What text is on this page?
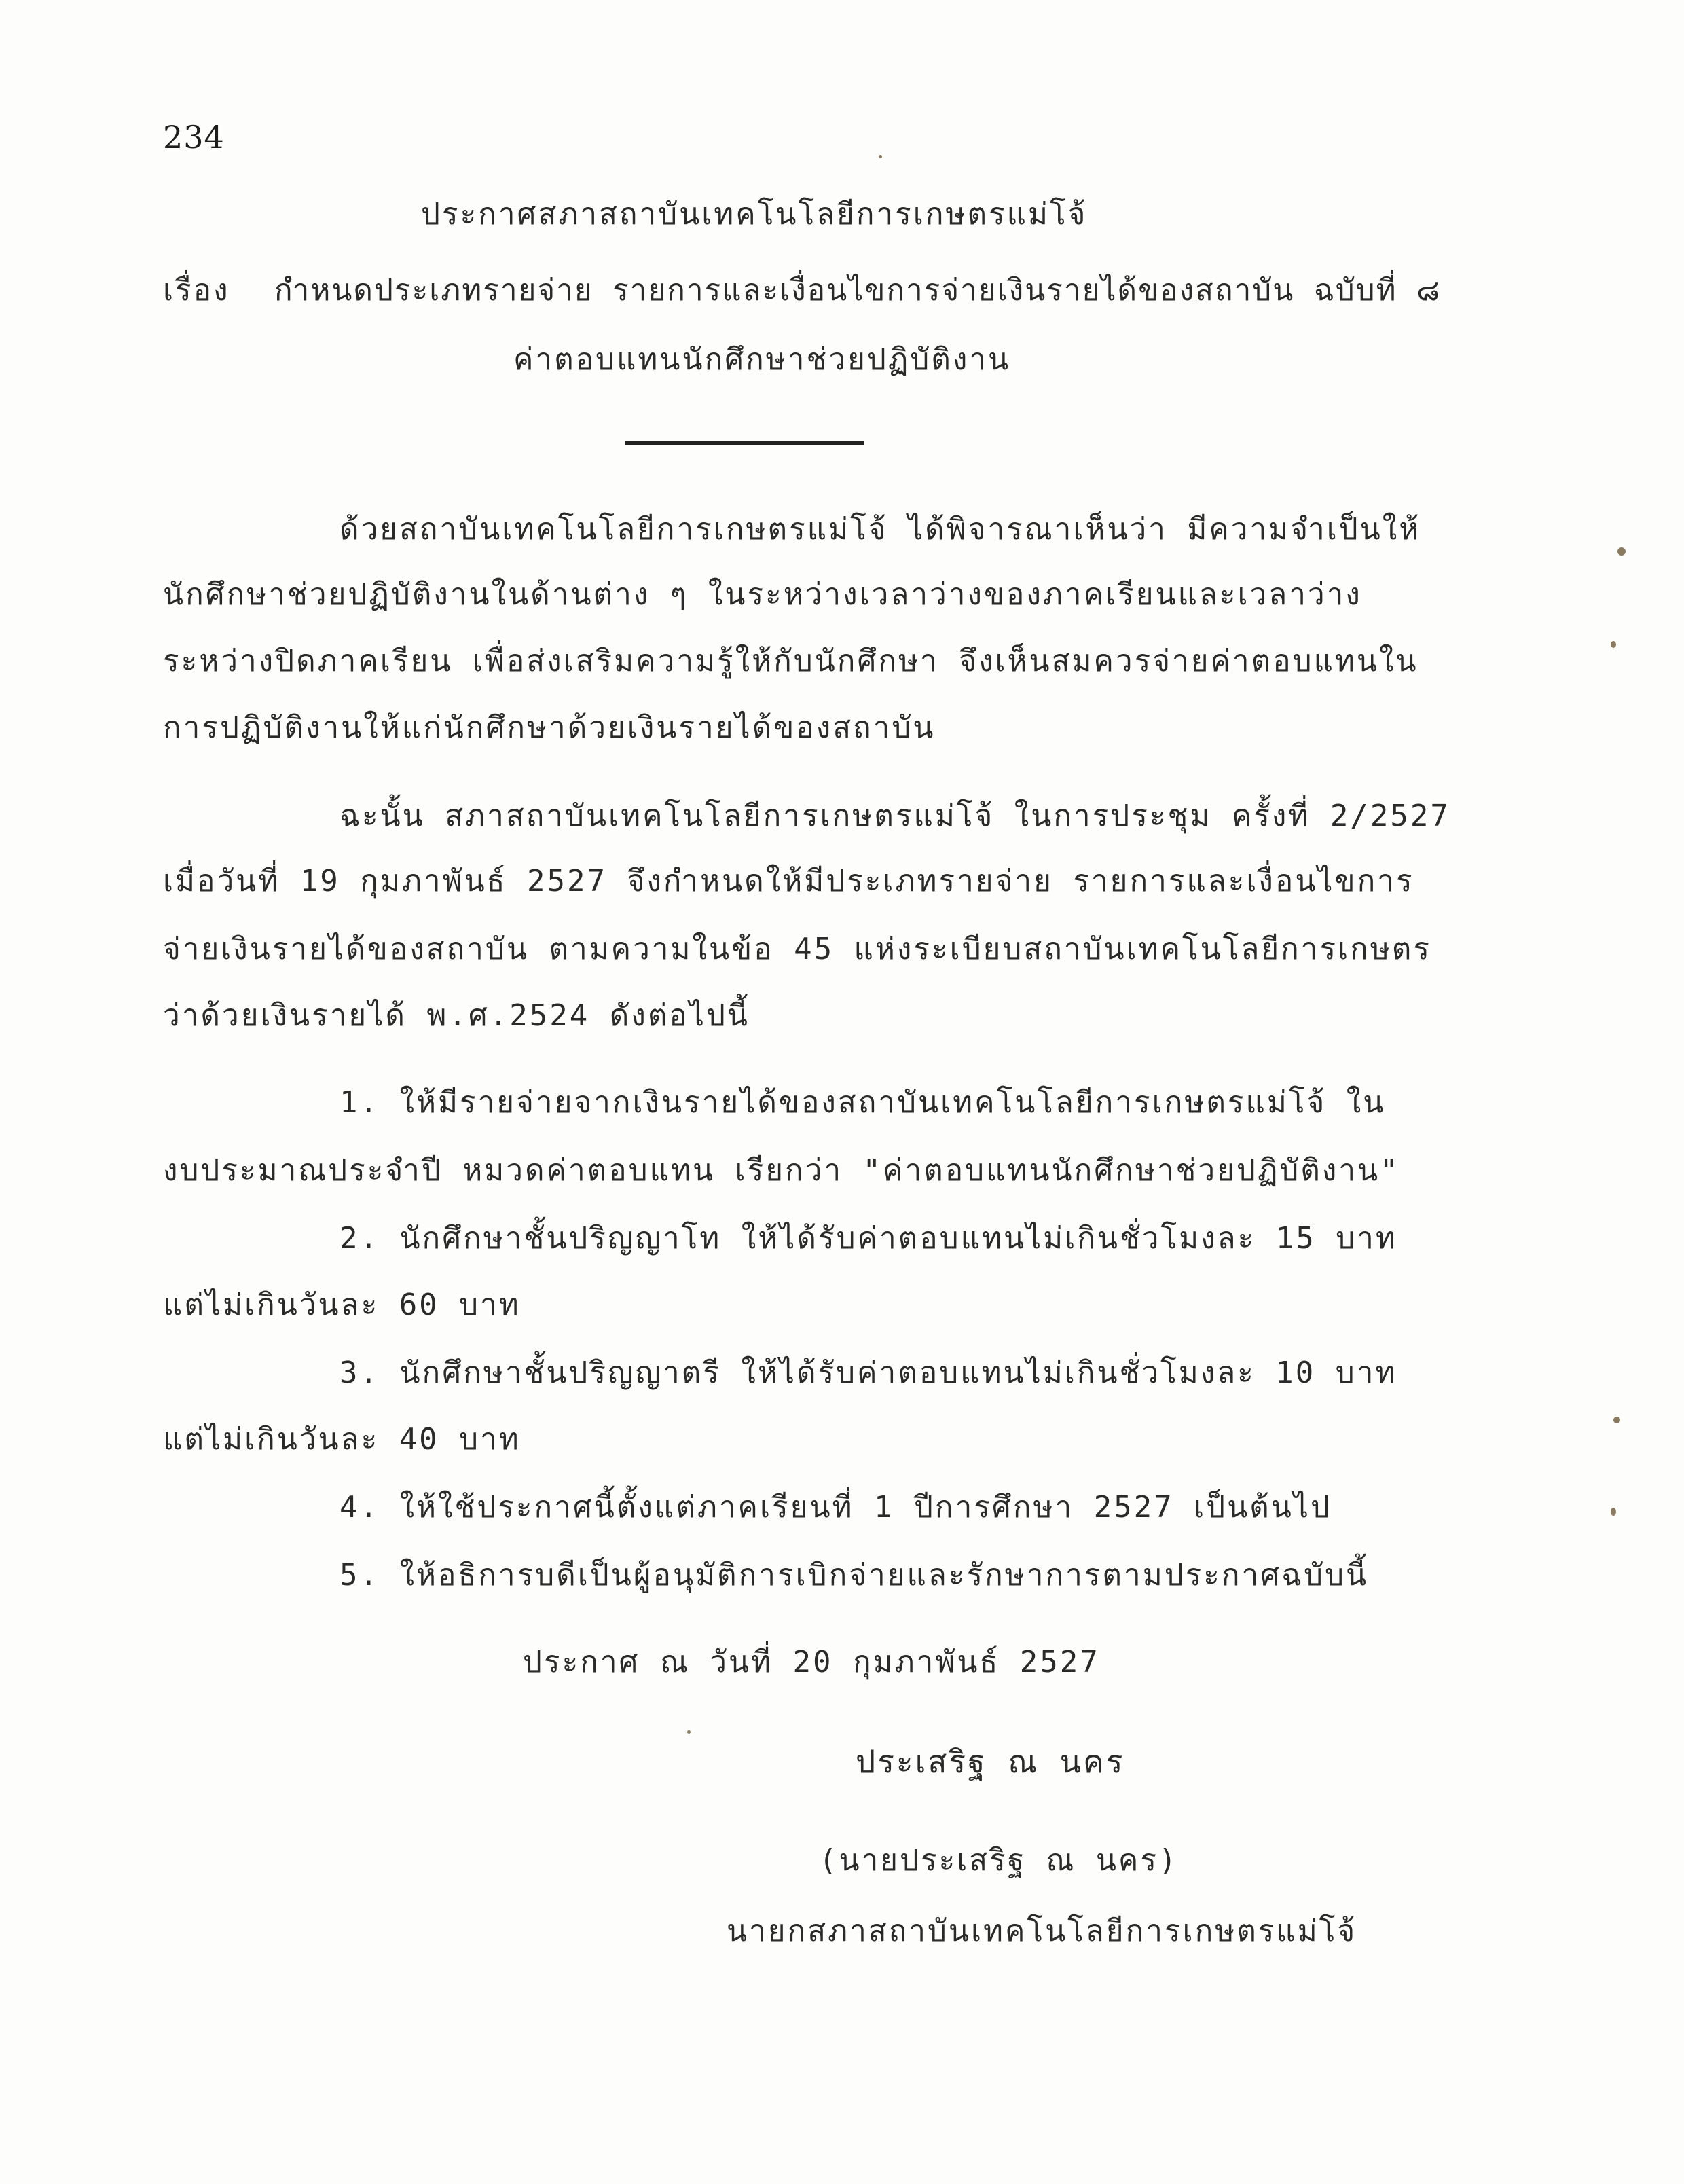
234
ประกาศสภาสถาบันเทคโนโลยีการเกษตรแม่โจ้
เรื่อง กำหนดประเภทรายจ่าย รายการและเงื่อนไขการจ่ายเงินรายได้ของสถาบัน ฉบับที่ ๘
ค่าตอบแทนนักศึกษาช่วยปฏิบัติงาน
ด้วยสถาบันเทคโนโลยีการเกษตรแม่โจ้ ได้พิจารณาเห็นว่า มีความจำเป็นให้
นักศึกษาช่วยปฏิบัติงานในด้านต่าง ๆ ในระหว่างเวลาว่างของภาคเรียนและเวลาว่าง
ระหว่างปิดภาคเรียน เพื่อส่งเสริมความรู้ให้กับนักศึกษา จึงเห็นสมควรจ่ายค่าตอบแทนใน
การปฏิบัติงานให้แก่นักศึกษาด้วยเงินรายได้ของสถาบัน
ฉะนั้น สภาสถาบันเทคโนโลยีการเกษตรแม่โจ้ ในการประชุม ครั้งที่ 2/2527
เมื่อวันที่ 19 กุมภาพันธ์ 2527 จึงกำหนดให้มีประเภทรายจ่าย รายการและเงื่อนไขการ
จ่ายเงินรายได้ของสถาบัน ตามความในข้อ 45 แห่งระเบียบสถาบันเทคโนโลยีการเกษตร
ว่าด้วยเงินรายได้ พ.ศ.2524 ดังต่อไปนี้
1. ให้มีรายจ่ายจากเงินรายได้ของสถาบันเทคโนโลยีการเกษตรแม่โจ้ ใน
งบประมาณประจำปี หมวดค่าตอบแทน เรียกว่า "ค่าตอบแทนนักศึกษาช่วยปฏิบัติงาน"
2. นักศึกษาชั้นปริญญาโท ให้ได้รับค่าตอบแทนไม่เกินชั่วโมงละ 15 บาท
แต่ไม่เกินวันละ 60 บาท
3. นักศึกษาชั้นปริญญาตรี ให้ได้รับค่าตอบแทนไม่เกินชั่วโมงละ 10 บาท
แต่ไม่เกินวันละ 40 บาท
4. ให้ใช้ประกาศนี้ตั้งแต่ภาคเรียนที่ 1 ปีการศึกษา 2527 เป็นต้นไป
5. ให้อธิการบดีเป็นผู้อนุมัติการเบิกจ่ายและรักษาการตามประกาศฉบับนี้
ประกาศ ณ วันที่ 20 กุมภาพันธ์ 2527
ประเสริฐ ณ นคร
(นายประเสริฐ ณ นคร)
นายกสภาสถาบันเทคโนโลยีการเกษตรแม่โจ้
